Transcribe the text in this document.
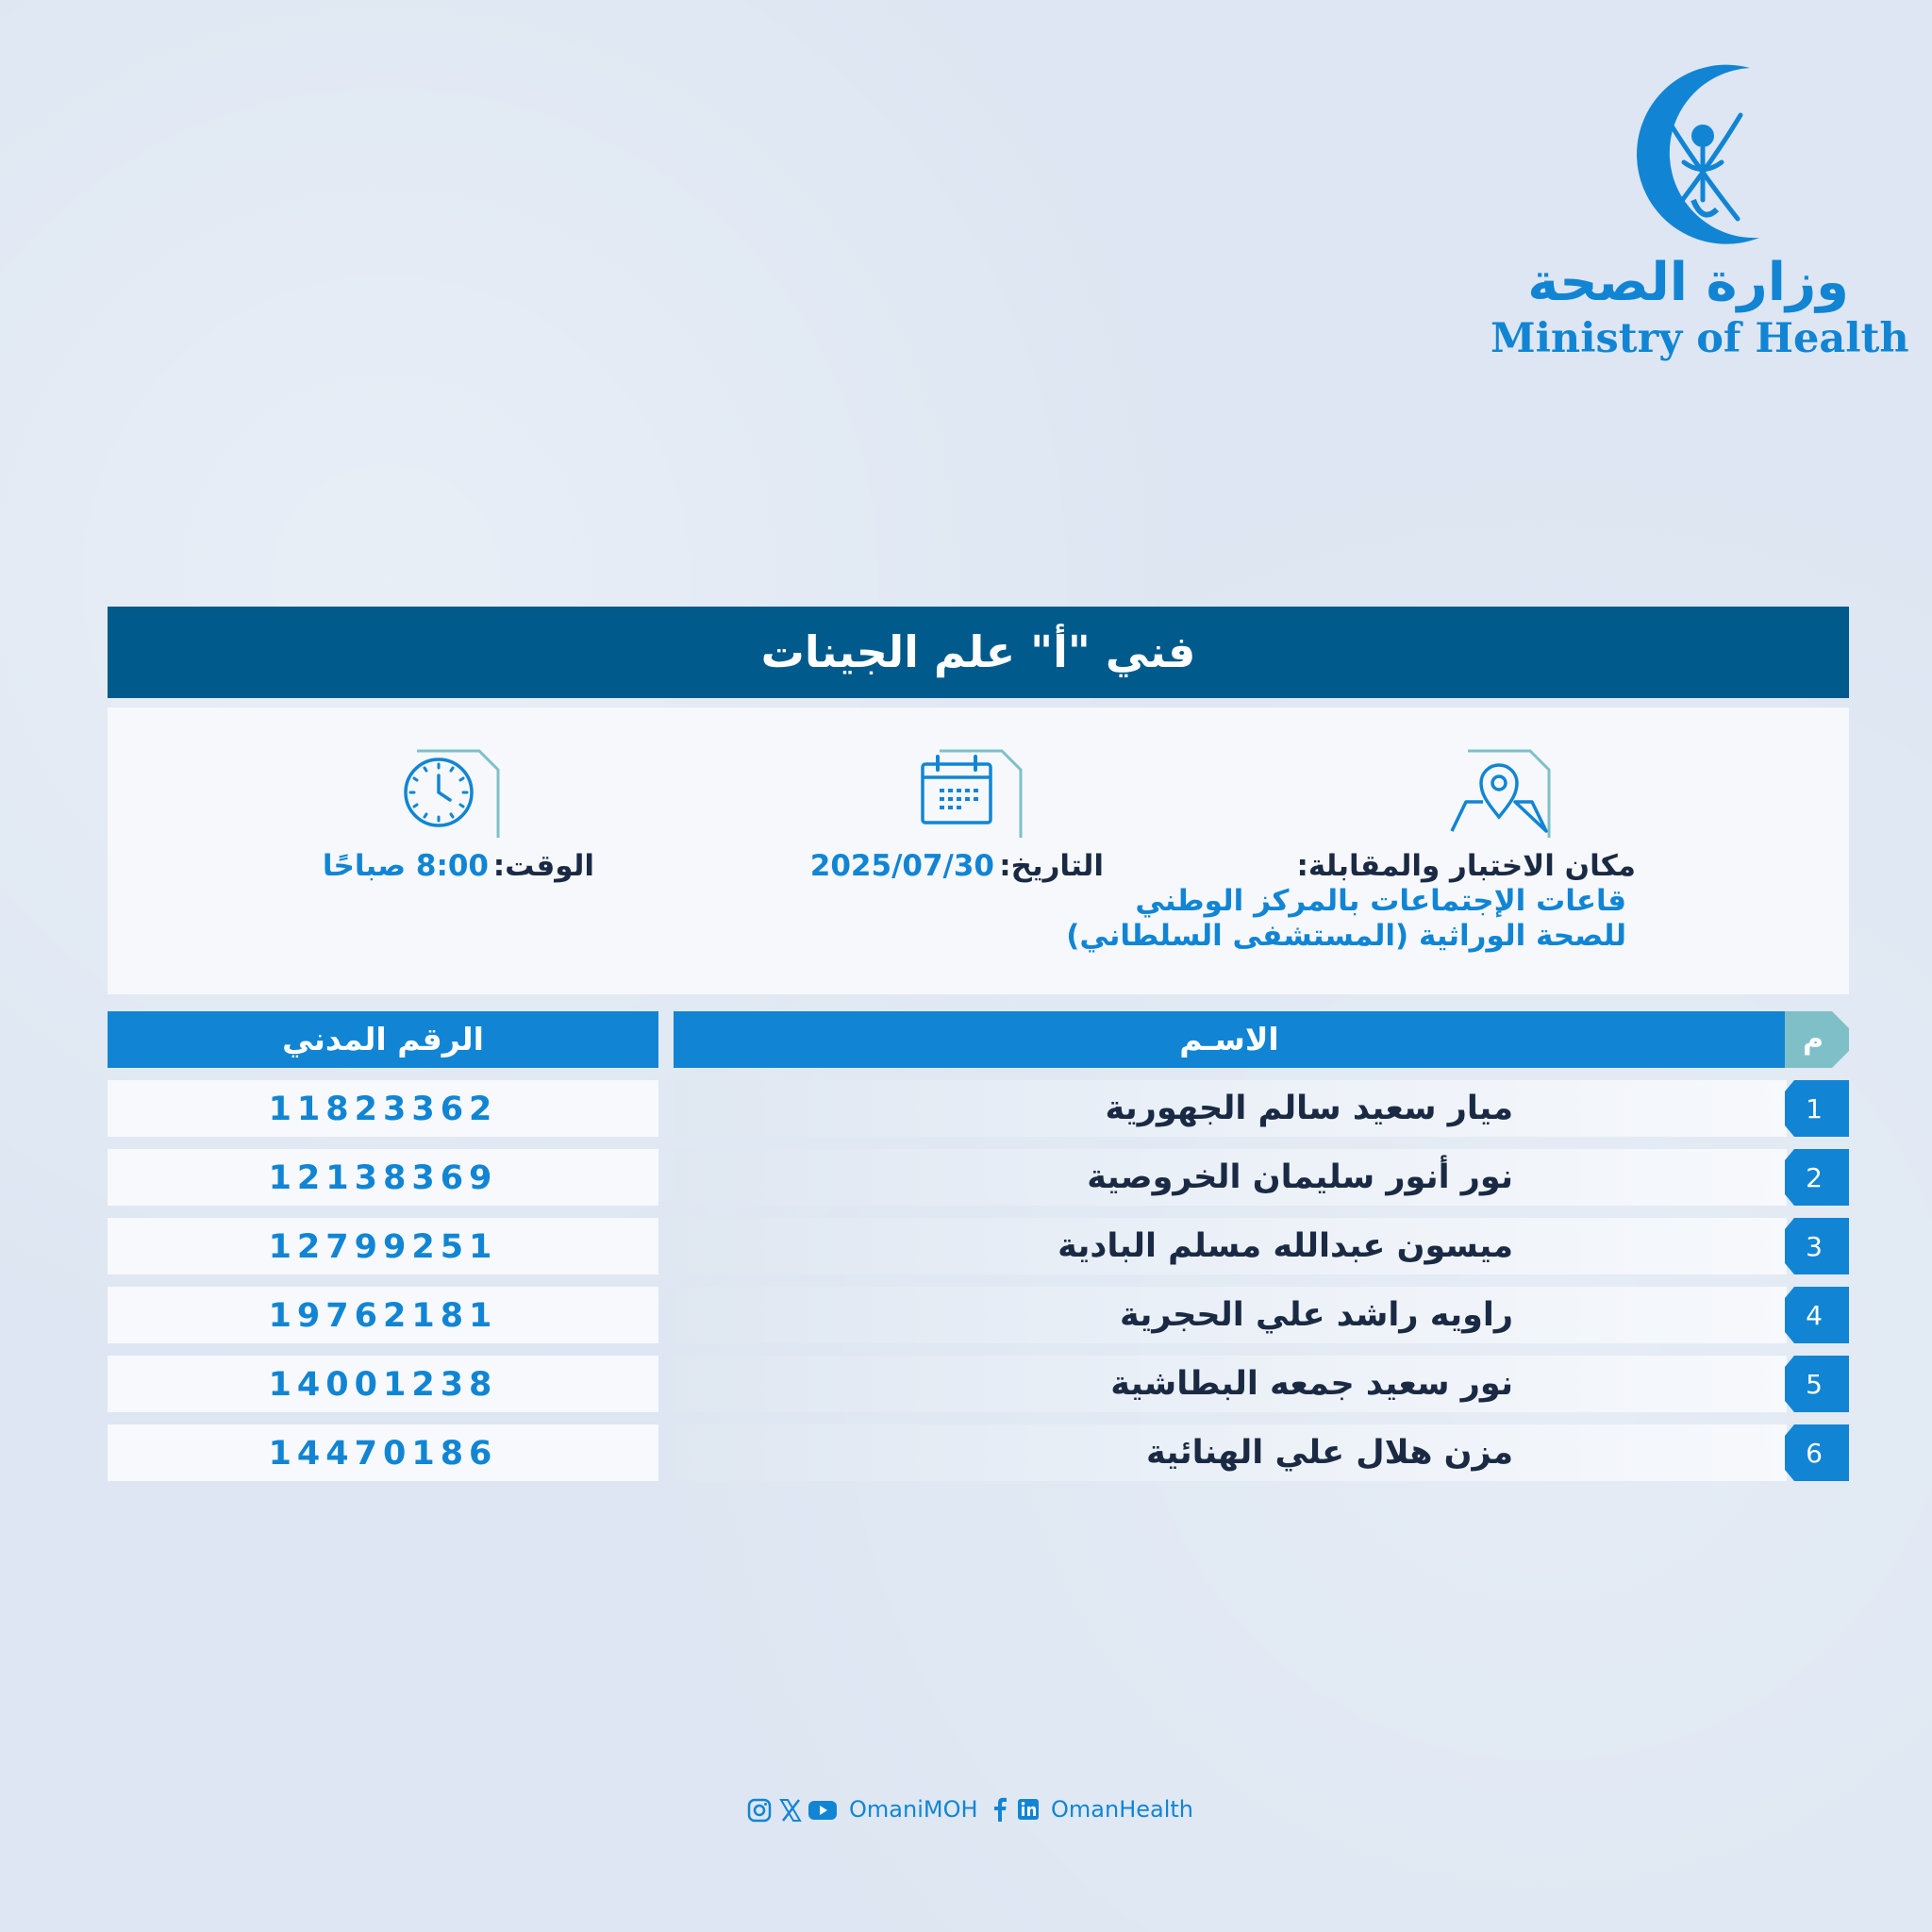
وزارة الصحة
Ministry of Health
فني "أ" علم الجينات
مكان الاختبار والمقابلة:
قاعات الإجتماعات بالمركز الوطني
للصحة الوراثية (المستشفى السلطاني)
التاريخ:
2025/07/30
الوقت:
8:00 صباحًا
الرقم المدني	الاسـم	م
11823362	ميار سعيد سالم الجهورية	1
12138369	نور أنور سليمان الخروصية	2
12799251	ميسون عبدالله مسلم البادية	3
19762181	راويه راشد علي الحجرية	4
14001238	نور سعيد جمعه البطاشية	5
14470186	مزن هلال علي الهنائية	6
OmaniMOH	OmanHealth
